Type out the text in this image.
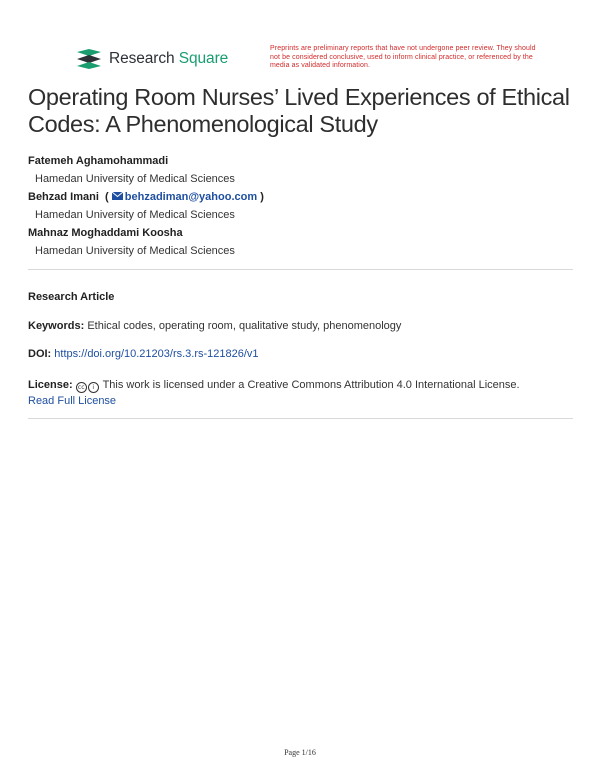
Research Square
Preprints are preliminary reports that have not undergone peer review. They should not be considered conclusive, used to inform clinical practice, or referenced by the media as validated information.
Operating Room Nurses’ Lived Experiences of Ethical Codes: A Phenomenological Study
Fatemeh Aghamohammadi
Hamedan University of Medical Sciences
Behzad Imani  ( behzadiman@yahoo.com )
Hamedan University of Medical Sciences
Mahnaz Moghaddami Koosha
Hamedan University of Medical Sciences
Research Article
Keywords: Ethical codes, operating room, qualitative study, phenomenology
DOI: https://doi.org/10.21203/rs.3.rs-121826/v1
License: cc i This work is licensed under a Creative Commons Attribution 4.0 International License.
Read Full License
Page 1/16
